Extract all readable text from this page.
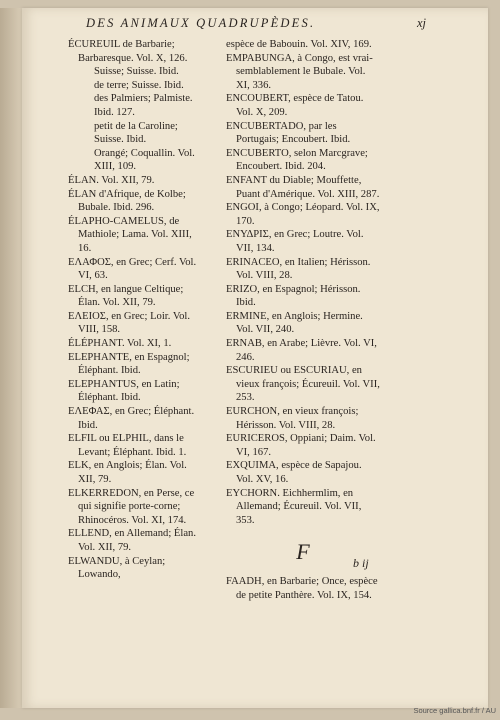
DES ANIMAUX QUADRUPÈDES.	xj

ÉCUREUIL de Barbarie; Barbaresque. Vol. X, 126.

Suisse; Suisse. Ibid.

de terre; Suisse. Ibid.

des Palmiers; Palmiste. Ibid. 127.

petit de la Caroline; Suisse. Ibid.

Orangé; Coquallin. Vol. XIII, 109.

ÉLAN. Vol. XII, 79.

ÉLAN d'Afrique, de Kolbe; Bubale. Ibid. 296.

ÉLAPHO-CAMELUS, de Mathiole; Lama. Vol. XIII, 16.

ΕΛΑΦΟΣ, en Grec; Cerf. Vol. VI, 63.

ELCH, en langue Celtique; Élan. Vol. XII, 79.

ΕΛΕΙΟΣ, en Grec; Loir. Vol. VIII, 158.

ÉLÉPHANT. Vol. XI, 1.

ELEPHANTE, en Espagnol; Éléphant. Ibid.

ELEPHANTUS, en Latin; Éléphant. Ibid.

ΕΛΕΦΑΣ, en Grec; Éléphant. Ibid.

ELFIL ou ELPHIL, dans le Levant; Éléphant. Ibid. 1.

ELK, en Anglois; Élan. Vol. XII, 79.

ELKERREDON, en Perse, ce qui signifie porte-corne; Rhinocéros. Vol. XI, 174.

ELLEND, en Allemand; Élan. Vol. XII, 79.

ELWANDU, à Ceylan; Lowando,

espèce de Babouin. Vol. XIV, 169.

EMPABUNGA, à Congo, est vrai-semblablement le Bubale. Vol. XI, 336.

ENCOUBERT, espèce de Tatou. Vol. X, 209.

ENCUBERTADO, par les Portugais; Encoubert. Ibid.

ENCUBERTO, selon Marcgrave; Encoubert. Ibid. 204.

ENFANT du Diable; Mouffette, Puant d'Amérique. Vol. XIII, 287.

ENGOI, à Congo; Léopard. Vol. IX, 170.

ΕΝΥΔΡΙΣ, en Grec; Loutre. Vol. VII, 134.

ERINACEO, en Italien; Hérisson. Vol. VIII, 28.

ERIZO, en Espagnol; Hérisson. Ibid.

ERMINE, en Anglois; Hermine. Vol. VII, 240.

ERNAB, en Arabe; Lièvre. Vol. VI, 246.

ESCURIEU ou ESCURIAU, en vieux françois; Écureuil. Vol. VII, 253.

EURCHON, en vieux françois; Hérisson. Vol. VIII, 28.

EURICEROS, Oppiani; Daim. Vol. VI, 167.

EXQUIMA, espèce de Sapajou. Vol. XV, 16.

EYCHORN. Eichhermlim, en Allemand; Écureuil. Vol. VII, 353.

F

FAADH, en Barbarie; Once, espèce de petite Panthère. Vol. IX, 154.

b ij
Source gallica.bnf.fr / AU
